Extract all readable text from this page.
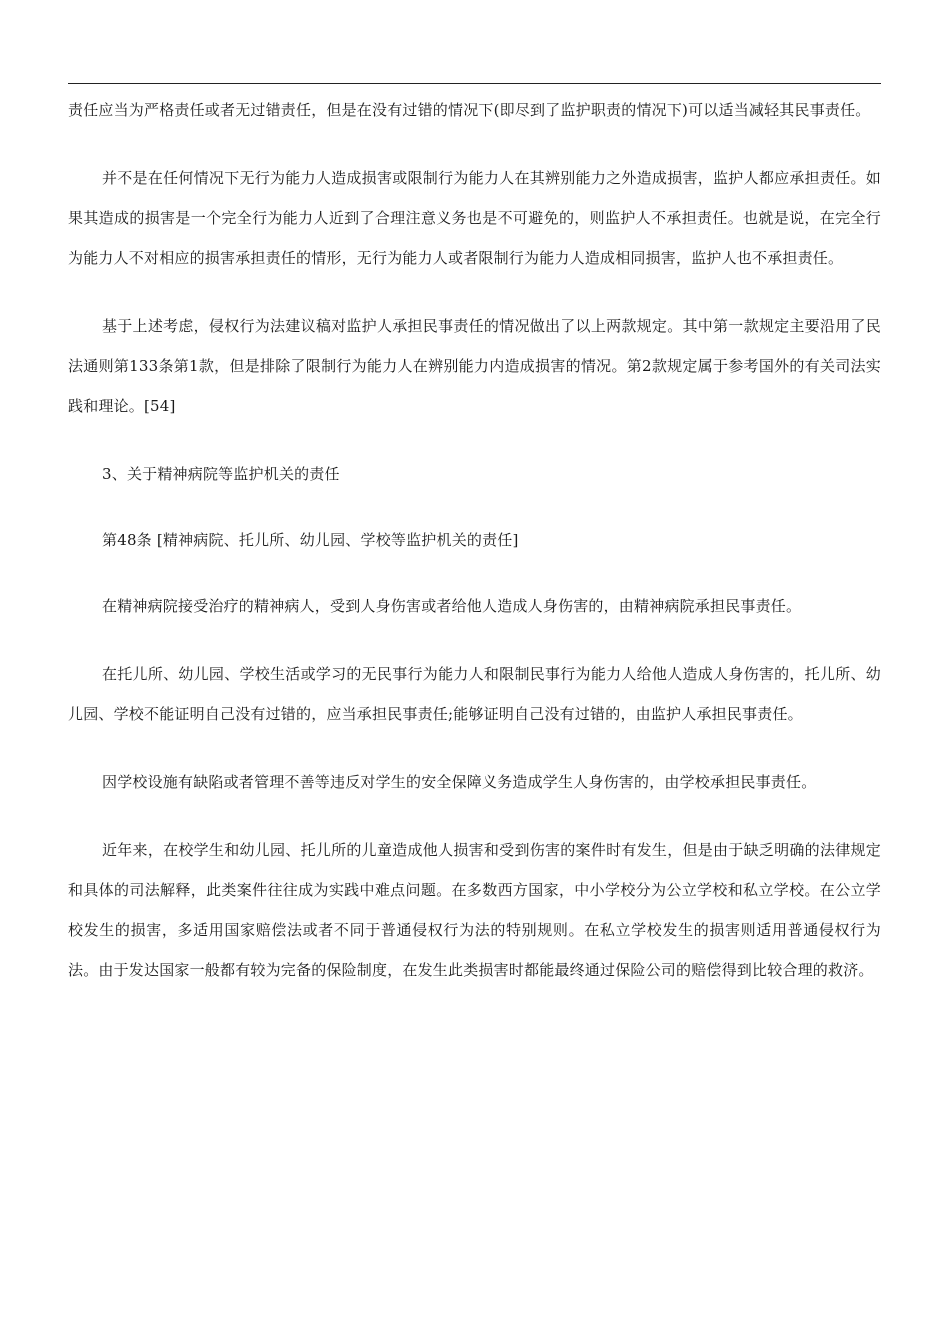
责任应当为严格责任或者无过错责任，但是在没有过错的情况下(即尽到了监护职责的情况下)可以适当减轻其民事责任。

并不是在任何情况下无行为能力人造成损害或限制行为能力人在其辨别能力之外造成损害，监护人都应承担责任。如果其造成的损害是一个完全行为能力人近到了合理注意义务也是不可避免的，则监护人不承担责任。也就是说，在完全行为能力人不对相应的损害承担责任的情形，无行为能力人或者限制行为能力人造成相同损害，监护人也不承担责任。

基于上述考虑，侵权行为法建议稿对监护人承担民事责任的情况做出了以上两款规定。其中第一款规定主要沿用了民法通则第133条第1款，但是排除了限制行为能力人在辨别能力内造成损害的情况。第2款规定属于参考国外的有关司法实践和理论。[54]

3、关于精神病院等监护机关的责任

第48条 [精神病院、托儿所、幼儿园、学校等监护机关的责任]

在精神病院接受治疗的精神病人，受到人身伤害或者给他人造成人身伤害的，由精神病院承担民事责任。

在托儿所、幼儿园、学校生活或学习的无民事行为能力人和限制民事行为能力人给他人造成人身伤害的，托儿所、幼儿园、学校不能证明自己没有过错的，应当承担民事责任;能够证明自己没有过错的，由监护人承担民事责任。

因学校设施有缺陷或者管理不善等违反对学生的安全保障义务造成学生人身伤害的，由学校承担民事责任。

近年来，在校学生和幼儿园、托儿所的儿童造成他人损害和受到伤害的案件时有发生，但是由于缺乏明确的法律规定和具体的司法解释，此类案件往往成为实践中难点问题。在多数西方国家，中小学校分为公立学校和私立学校。在公立学校发生的损害，多适用国家赔偿法或者不同于普通侵权行为法的特别规则。在私立学校发生的损害则适用普通侵权行为法。由于发达国家一般都有较为完备的保险制度，在发生此类损害时都能最终通过保险公司的赔偿得到比较合理的救济。
